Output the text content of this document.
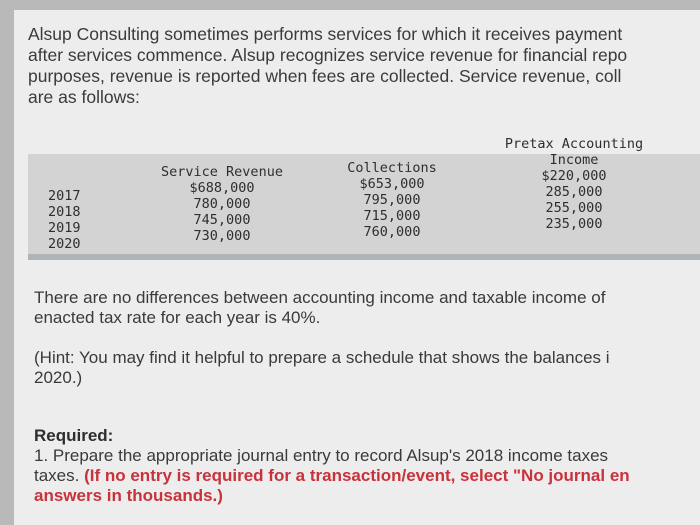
Alsup Consulting sometimes performs services for which it receives payment
after services commence. Alsup recognizes service revenue for financial repo
purposes, revenue is reported when fees are collected. Service revenue, coll
are as follows:
2017
2018
2019
2020
Service Revenue
$688,000
780,000
745,000
730,000
Collections
$653,000
795,000
715,000
760,000
Pretax Accounting
Income
$220,000
285,000
255,000
235,000
There are no differences between accounting income and taxable income of
enacted tax rate for each year is 40%.
(Hint: You may find it helpful to prepare a schedule that shows the balances i
2020.)
Required:
1. Prepare the appropriate journal entry to record Alsup's 2018 income taxes
taxes. (If no entry is required for a transaction/event, select "No journal en
answers in thousands.)
